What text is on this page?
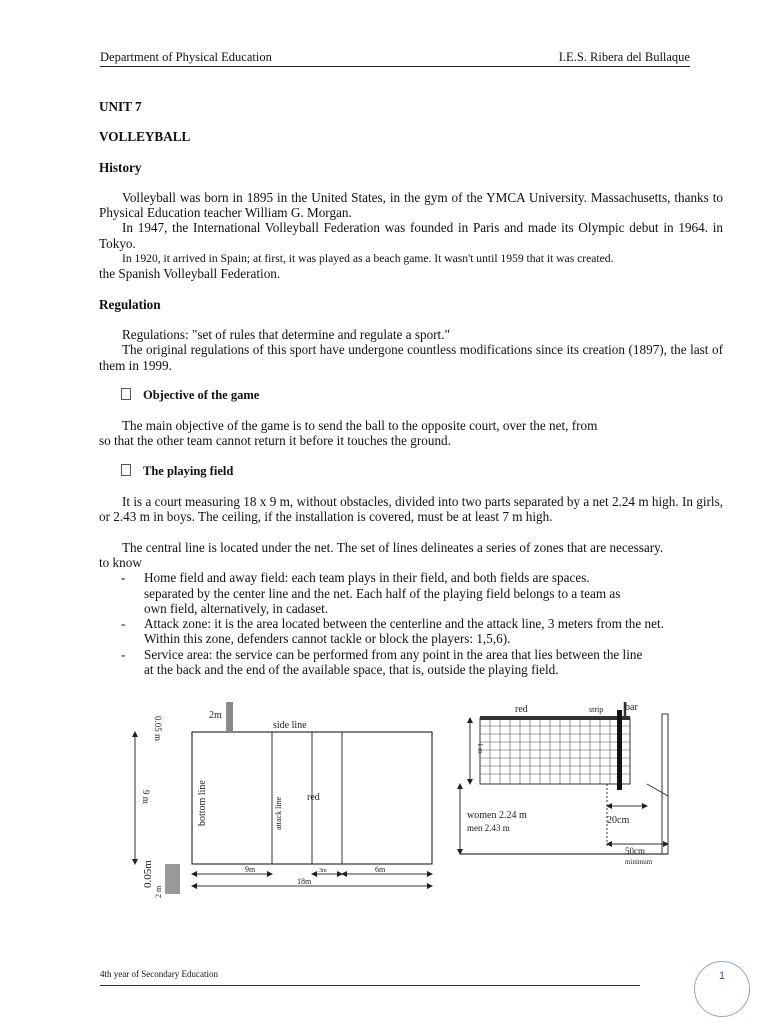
Department of Physical Education	I.E.S. Ribera del Bullaque
UNIT 7
VOLLEYBALL
History

Volleyball was born in 1895 in the United States, in the gym of the YMCA University. Massachusetts, thanks to Physical Education teacher William G. Morgan.

In 1947, the International Volleyball Federation was founded in Paris and made its Olympic debut in 1964. in Tokyo.

In 1920, it arrived in Spain; at first, it was played as a beach game. It wasn't until 1959 that it was created.

the Spanish Volleyball Federation.

Regulation

Regulations: "set of rules that determine and regulate a sport."

The original regulations of this sport have undergone countless modifications since its creation (1897), the last of them in 1999.

Objective of the game

The main objective of the game is to send the ball to the opposite court, over the net, from

so that the other team cannot return it before it touches the ground.

The playing field

It is a court measuring 18 x 9 m, without obstacles, divided into two parts separated by a net 2.24 m high. In girls, or 2.43 m in boys. The ceiling, if the installation is covered, must be at least 7 m high.

The central line is located under the net. The set of lines delineates a series of zones that are necessary.

to know

- Home field and away field: each team plays in their field, and both fields are spaces.
separated by the center line and the net. Each half of the playing field belongs to a team as
own field, alternatively, in cadaset.
- Attack zone: it is the area located between the centerline and the attack line, 3 meters from the net.
Within this zone, defenders cannot tackle or block the players: 1,5,6).
- Service area: the service can be performed from any point in the area that lies between the line
at the back and the end of the available space, that is, outside the playing field.
2m
0.05 m	side line
9 m	bottom line	attack line red
0.05m
2 m
9m	3m	6m
18m
red	strip bar
1 m
women 2.24 m
men 2.43 m
20cm
50cm
minimum
4th year of Secondary Education	1
